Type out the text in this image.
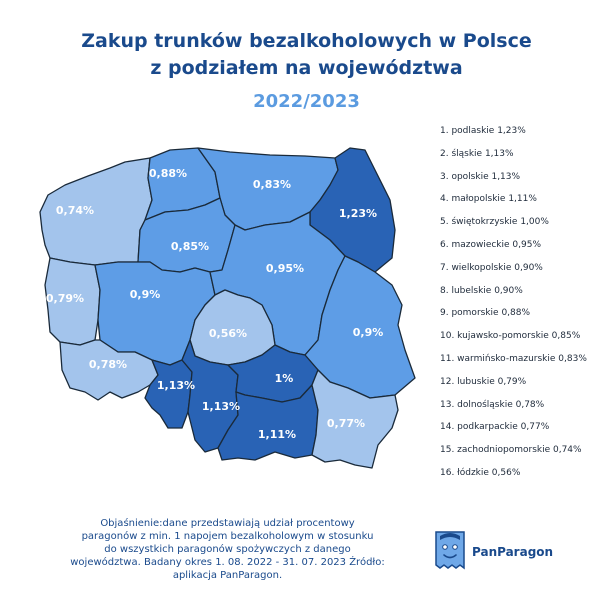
Zakup trunków bezalkoholowych w Polsce
z podziałem na województwa
2022/2023
0,74%
0,88%
0,83%
1,23%
0,85%
0,79%	0,9%
0,95%
0,56%	0,9%
0,78%
1,13%
1,13%
1%
1,11%
0,77%
1. podlaskie 1,23%
2. śląskie 1,13%
3. opolskie 1,13%
4. małopolskie 1,11%
5. świętokrzyskie 1,00%
6. mazowieckie 0,95%
7. wielkopolskie 0,90%
8. lubelskie 0,90%
9. pomorskie 0,88%
10. kujawsko-pomorskie 0,85%
11. warmińsko-mazurskie 0,83%
12. lubuskie 0,79%
13. dolnośląskie 0,78%
14. podkarpackie 0,77%
15. zachodniopomorskie 0,74%
16. łódzkie 0,56%
Objaśnienie:dane przedstawiają udział procentowy
paragonów z min. 1 napojem bezalkoholowym w stosunku
do wszystkich paragonów spożywczych z danego
województwa. Badany okres 1. 08. 2022 - 31. 07. 2023 Źródło:
aplikacja PanParagon.
PanParagon
